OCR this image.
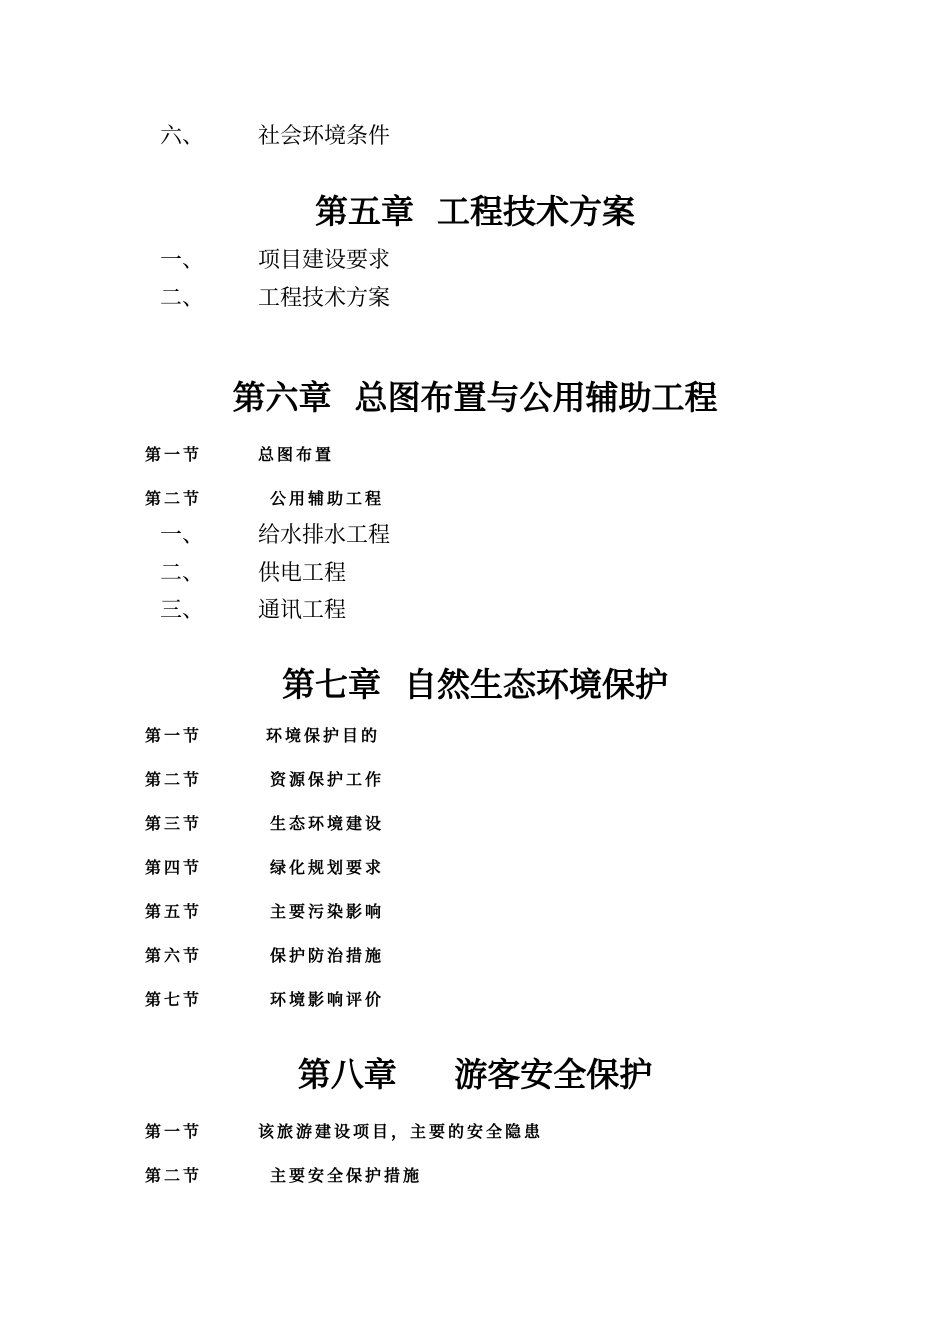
六、 社会环境条件
第五章  工程技术方案
一、 项目建设要求
二、 工程技术方案
第六章  总图布置与公用辅助工程
第一节	总图布置
第二节	公用辅助工程
一、 给水排水工程
二、 供电工程
三、 通讯工程
第七章  自然生态环境保护
第一节	环境保护目的
第二节	资源保护工作
第三节	生态环境建设
第四节	绿化规划要求
第五节	主要污染影响
第六节	保护防治措施
第七节	环境影响评价
第八章     游客安全保护
第一节	该旅游建设项目，主要的安全隐患
第二节	主要安全保护措施
